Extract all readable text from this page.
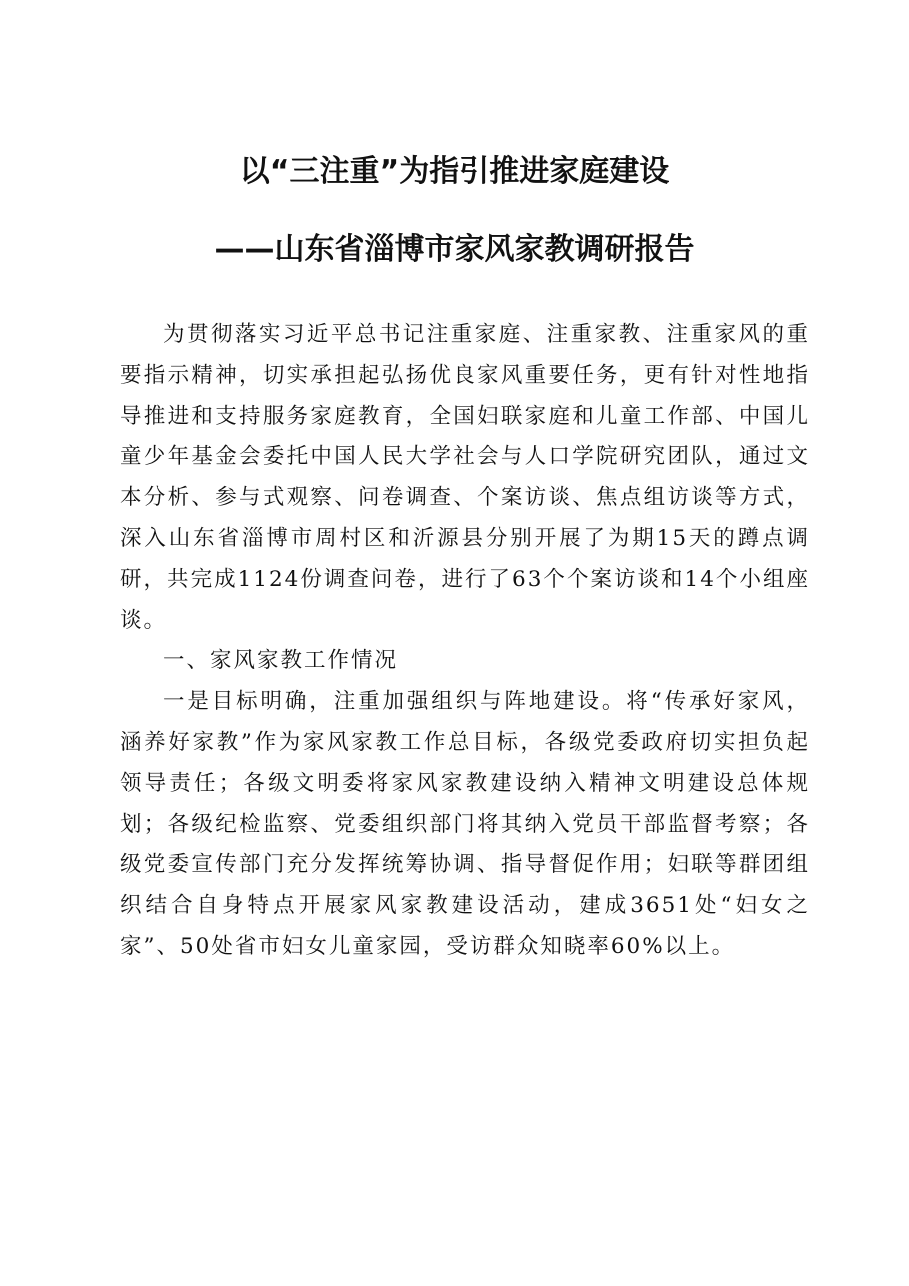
以“三注重”为指引推进家庭建设
——山东省淄博市家风家教调研报告

为贯彻落实习近平总书记注重家庭、注重家教、注重家风的重要指示精神，切实承担起弘扬优良家风重要任务，更有针对性地指导推进和支持服务家庭教育，全国妇联家庭和儿童工作部、中国儿童少年基金会委托中国人民大学社会与人口学院研究团队，通过文本分析、参与式观察、问卷调查、个案访谈、焦点组访谈等方式，深入山东省淄博市周村区和沂源县分别开展了为期15天的蹲点调研，共完成1124份调查问卷，进行了63个个案访谈和14个小组座谈。

一、家风家教工作情况

一是目标明确，注重加强组织与阵地建设。将“传承好家风，涵养好家教”作为家风家教工作总目标，各级党委政府切实担负起领导责任；各级文明委将家风家教建设纳入精神文明建设总体规划；各级纪检监察、党委组织部门将其纳入党员干部监督考察；各级党委宣传部门充分发挥统筹协调、指导督促作用；妇联等群团组织结合自身特点开展家风家教建设活动，建成3651处“妇女之家”、50处省市妇女儿童家园，受访群众知晓率60%以上。
